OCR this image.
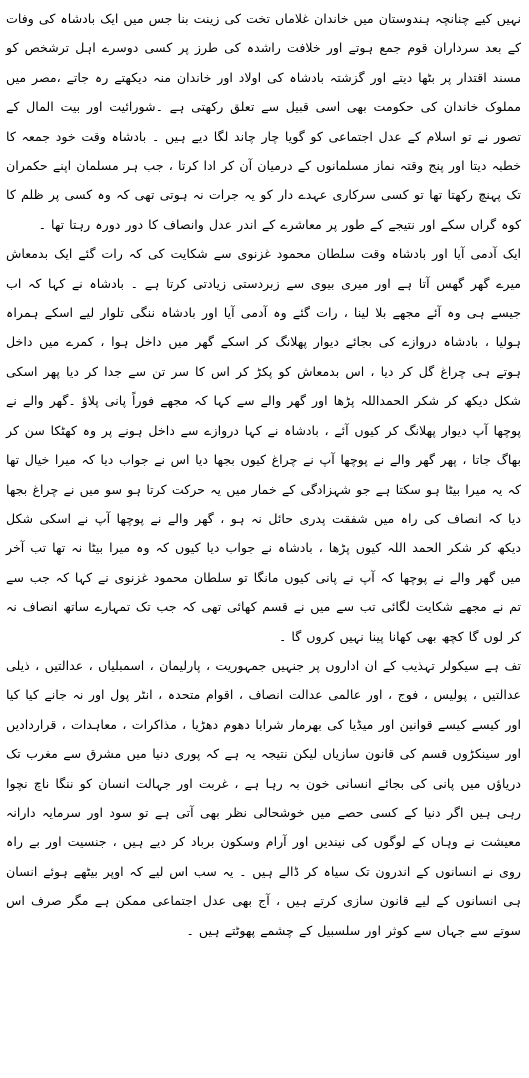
نہیں کیے چنانچہ ہندوستان میں خاندان غلاماں تخت کی زینت بنا جس میں ایک بادشاہ کی وفات کے بعد سرداران قوم جمع ہوتے اور خلافت راشدہ کی طرز پر کسی دوسرے اہل ترشخص کو مسند اقتدار پر بٹھا دیتے اور گزشتہ بادشاہ کی اولاد اور خاندان منہ دیکھتے رہ جاتے ،مصر میں مملوک خاندان کی حکومت بھی اسی قبیل سے تعلق رکھتی ہے ۔شورائیت اور بیت المال کے تصور نے تو اسلام کے عدل اجتماعی کو گویا چار چاند لگا دیے ہیں ۔ بادشاہ وقت خود جمعہ کا خطبہ دیتا اور پنج وقتہ نماز مسلمانوں کے درمیان آن کر ادا کرتا ، جب ہر مسلمان اپنے حکمران تک پہنچ رکھتا تھا تو کسی سرکاری عہدے دار کو یہ جرات نہ ہوتی تھی کہ وہ کسی پر ظلم کا کوہ گراں سکے اور نتیجے کے طور پر معاشرے کے اندر عدل وانصاف کا دور دورہ رہتا تھا ۔

ایک آدمی آیا اور بادشاہ وقت سلطان محمود غزنوی سے شکایت کی کہ رات گئے ایک بدمعاش میرے گھر گھس آتا ہے اور میری بیوی سے زبردستی زیادتی کرتا ہے ۔ بادشاہ نے کہا کہ اب جیسے ہی وہ آئے مجھے بلا لینا ، رات گئے وہ آدمی آیا اور بادشاہ ننگی تلوار لیے اسکے ہمراہ ہولیا ، بادشاہ دروازے کی بجائے دیوار پھلانگ کر اسکے گھر میں داخل ہوا ، کمرے میں داخل ہوتے ہی چراغ گل کر دیا ، اس بدمعاش کو پکڑ کر اس کا سر تن سے جدا کر دیا پھر اسکی شکل دیکھ کر شکر الحمداللہ پڑھا اور گھر والے سے کہا کہ مجھے فوراً پانی پلاؤ ۔گھر والے نے پوچھا آپ دیوار پھلانگ کر کیوں آئے ، بادشاہ نے کہا دروازے سے داخل ہونے پر وہ کھٹکا سن کر بھاگ جاتا ، پھر گھر والے نے پوچھا آپ نے چراغ کیوں بجھا دیا اس نے جواب دیا کہ میرا خیال تھا کہ یہ میرا بیٹا ہو سکتا ہے جو شہزادگی کے خمار میں یہ حرکت کرتا ہو سو میں نے چراغ بجھا دیا کہ انصاف کی راہ میں شفقت پدری حائل نہ ہو ، گھر والے نے پوچھا آپ نے اسکی شکل دیکھ کر شکر الحمد اللہ کیوں پڑھا ، بادشاہ نے جواب دیا کیوں کہ وہ میرا بیٹا نہ تھا تب آخر میں گھر والے نے پوچھا کہ آپ نے پانی کیوں مانگا تو سلطان محمود غزنوی نے کہا کہ جب سے تم نے مجھے شکایت لگائی تب سے میں نے قسم کھائی تھی کہ جب تک تمہارے ساتھ انصاف نہ کر لوں گا کچھ بھی کھانا پینا نہیں کروں گا ۔

تف ہے سیکولر تہذیب کے ان اداروں پر جنہیں جمہوریت ، پارلیمان ، اسمبلیاں ، عدالتیں ، ذیلی عدالتیں ، پولیس ، فوج ، اور عالمی عدالت انصاف ، اقوام متحدہ ، انٹر پول اور نہ جانے کیا کیا اور کیسے کیسے قوانین اور میڈیا کی بھرمار شرابا دھوم دھڑیا ، مذاکرات ، معاہدات ، قراردادیں اور سینکڑوں قسم کی قانون سازیاں لیکن نتیجہ یہ ہے کہ پوری دنیا میں مشرق سے مغرب تک دریاؤں میں پانی کی بجائے انسانی خون بہ رہا ہے ، غربت اور جہالت انسان کو ننگا ناچ نچوا رہی ہیں اگر دنیا کے کسی حصے میں خوشحالی نظر بھی آتی ہے تو سود اور سرمایہ دارانہ معیشت نے وہاں کے لوگوں کی نیندیں اور آرام وسکون برباد کر دیے ہیں ، جنسیت اور بے راہ روی نے انسانوں کے اندرون تک سیاہ کر ڈالے ہیں ۔ یہ سب اس لیے کہ اوپر بیٹھے ہوئے انسان ہی انسانوں کے لیے قانون سازی کرتے ہیں ، آج بھی عدل اجتماعی ممکن ہے مگر صرف اس سوتے سے جہاں سے کوثر اور سلسبیل کے چشمے پھوٹتے ہیں ۔
